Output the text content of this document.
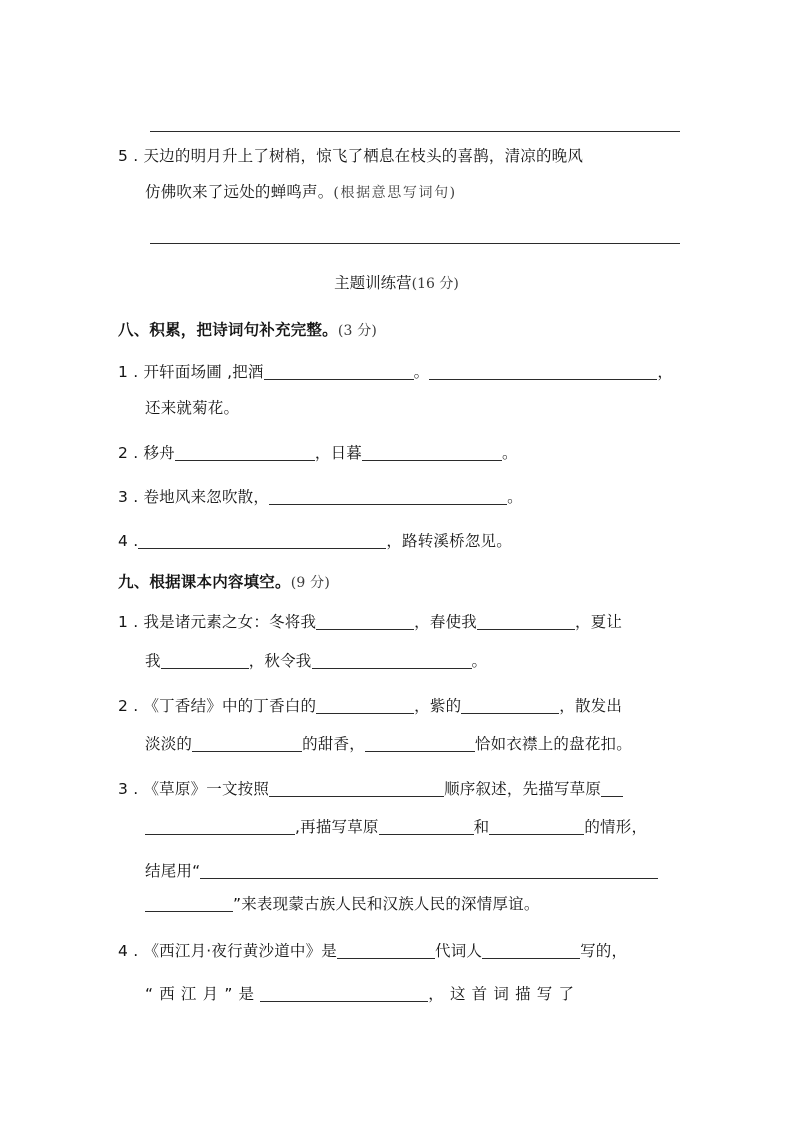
5 . 天边的明月升上了树梢，惊飞了栖息在枝头的喜鹊，清凉的晚风
仿佛吹来了远处的蝉鸣声。(根据意思写词句)
主题训练营(16 分)
八、积累，把诗词句补充完整。(3 分)
1 . 开轩面场圃 ,把酒	。	，
还来就菊花。
2 . 移舟	，日暮	。
3 . 卷地风来忽吹散，	。
4 .	，路转溪桥忽见。
九、根据课本内容填空。(9 分)
1 . 我是诸元素之女：冬将我	，春使我	，夏让
我	，秋令我	。
2 . 《丁香结》中的丁香白的	，紫的	，散发出
淡淡的	的甜香，	恰如衣襟上的盘花扣。
3 . 《草原》一文按照	顺序叙述，先描写草原
,再描写草原	和	的情形，
结尾用“
”来表现蒙古族人民和汉族人民的深情厚谊。
4 . 《西江月·夜行黄沙道中》是	代词人	写的，
“西江月”是	，这首词描写了
